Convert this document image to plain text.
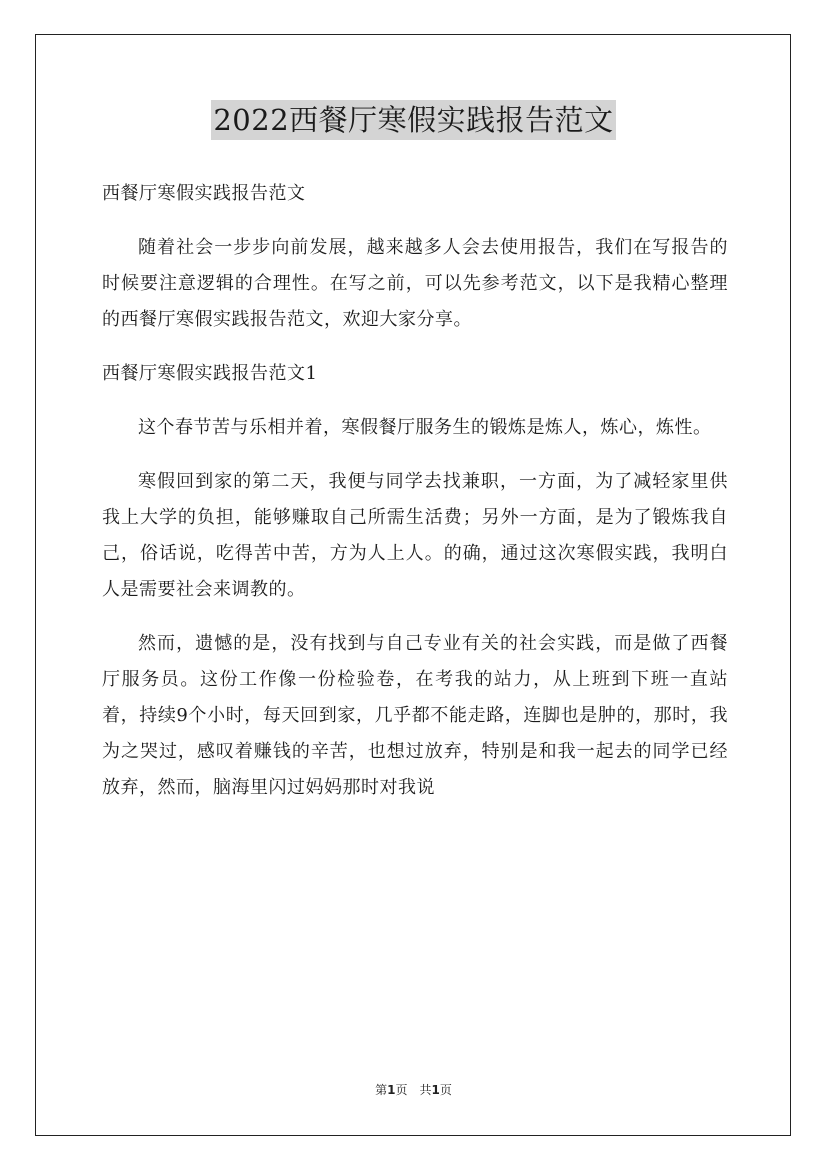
2022西餐厅寒假实践报告范文

西餐厅寒假实践报告范文

随着社会一步步向前发展，越来越多人会去使用报告，我们在写报告的时候要注意逻辑的合理性。在写之前，可以先参考范文，以下是我精心整理的西餐厅寒假实践报告范文，欢迎大家分享。

西餐厅寒假实践报告范文1

这个春节苦与乐相并着，寒假餐厅服务生的锻炼是炼人，炼心，炼性。

寒假回到家的第二天，我便与同学去找兼职，一方面，为了减轻家里供我上大学的负担，能够赚取自己所需生活费；另外一方面，是为了锻炼我自己，俗话说，吃得苦中苦，方为人上人。的确，通过这次寒假实践，我明白人是需要社会来调教的。

然而，遗憾的是，没有找到与自己专业有关的社会实践，而是做了西餐厅服务员。这份工作像一份检验卷，在考我的站力，从上班到下班一直站着，持续9个小时，每天回到家，几乎都不能走路，连脚也是肿的，那时，我为之哭过，感叹着赚钱的辛苦，也想过放弃，特别是和我一起去的同学已经放弃，然而，脑海里闪过妈妈那时对我说

第1页　共1页
